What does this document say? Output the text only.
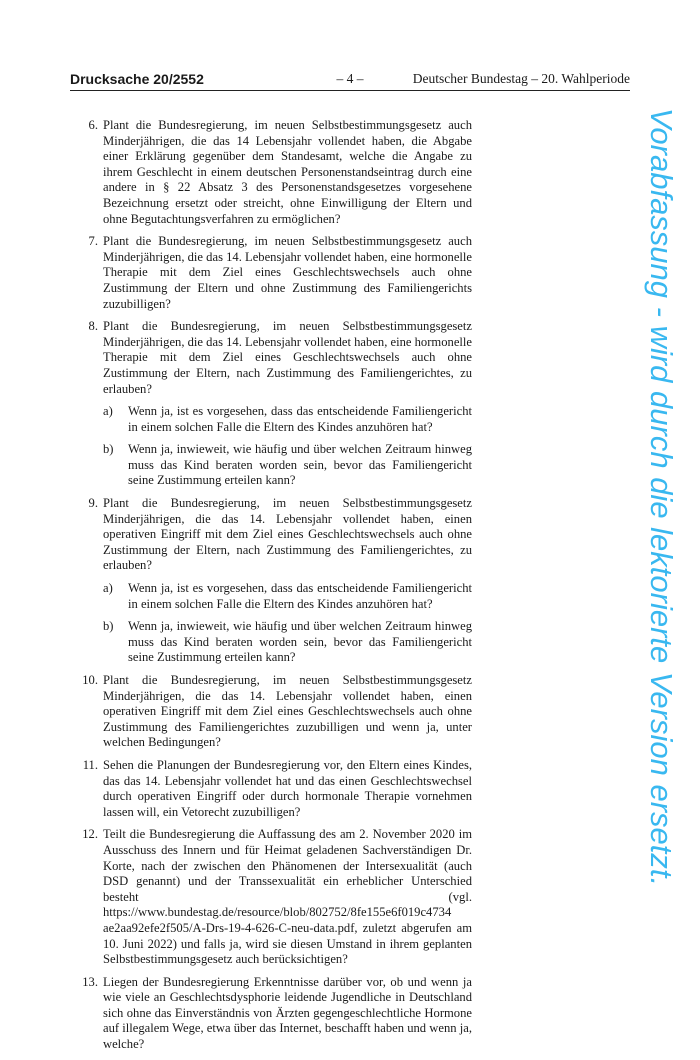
Drucksache 20/2552	– 4 –	Deutscher Bundestag – 20. Wahlperiode
6. Plant die Bundesregierung, im neuen Selbstbestimmungsgesetz auch Minderjährigen, die das 14 Lebensjahr vollendet haben, die Abgabe einer Erklärung gegenüber dem Standesamt, welche die Angabe zu ihrem Geschlecht in einem deutschen Personenstandseintrag durch eine andere in § 22 Absatz 3 des Personenstandsgesetzes vorgesehene Bezeichnung ersetzt oder streicht, ohne Einwilligung der Eltern und ohne Begutachtungsverfahren zu ermöglichen?
7. Plant die Bundesregierung, im neuen Selbstbestimmungsgesetz auch Minderjährigen, die das 14. Lebensjahr vollendet haben, eine hormonelle Therapie mit dem Ziel eines Geschlechtswechsels auch ohne Zustimmung der Eltern und ohne Zustimmung des Familiengerichts zuzubilligen?
8. Plant die Bundesregierung, im neuen Selbstbestimmungsgesetz Minderjährigen, die das 14. Lebensjahr vollendet haben, eine hormonelle Therapie mit dem Ziel eines Geschlechtswechsels auch ohne Zustimmung der Eltern, nach Zustimmung des Familiengerichtes, zu erlauben?
a) Wenn ja, ist es vorgesehen, dass das entscheidende Familiengericht in einem solchen Falle die Eltern des Kindes anzuhören hat?
b) Wenn ja, inwieweit, wie häufig und über welchen Zeitraum hinweg muss das Kind beraten worden sein, bevor das Familiengericht seine Zustimmung erteilen kann?
9. Plant die Bundesregierung, im neuen Selbstbestimmungsgesetz Minderjährigen, die das 14. Lebensjahr vollendet haben, einen operativen Eingriff mit dem Ziel eines Geschlechtswechsels auch ohne Zustimmung der Eltern, nach Zustimmung des Familiengerichtes, zu erlauben?
a) Wenn ja, ist es vorgesehen, dass das entscheidende Familiengericht in einem solchen Falle die Eltern des Kindes anzuhören hat?
b) Wenn ja, inwieweit, wie häufig und über welchen Zeitraum hinweg muss das Kind beraten worden sein, bevor das Familiengericht seine Zustimmung erteilen kann?
10. Plant die Bundesregierung, im neuen Selbstbestimmungsgesetz Minderjährigen, die das 14. Lebensjahr vollendet haben, einen operativen Eingriff mit dem Ziel eines Geschlechtswechsels auch ohne Zustimmung des Familiengerichtes zuzubilligen und wenn ja, unter welchen Bedingungen?
11. Sehen die Planungen der Bundesregierung vor, den Eltern eines Kindes, das das 14. Lebensjahr vollendet hat und das einen Geschlechtswechsel durch operativen Eingriff oder durch hormonale Therapie vornehmen lassen will, ein Vetorecht zuzubilligen?
12. Teilt die Bundesregierung die Auffassung des am 2. November 2020 im Ausschuss des Innern und für Heimat geladenen Sachverständigen Dr. Korte, nach der zwischen den Phänomenen der Intersexualität (auch DSD genannt) und der Transsexualität ein erheblicher Unterschied besteht (vgl. https://www.bundestag.de/resource/blob/802752/8fe155e6f019c4734 ae2aa92efe2f505/A-Drs-19-4-626-C-neu-data.pdf, zuletzt abgerufen am 10. Juni 2022) und falls ja, wird sie diesen Umstand in ihrem geplanten Selbstbestimmungsgesetz auch berücksichtigen?
13. Liegen der Bundesregierung Erkenntnisse darüber vor, ob und wenn ja wie viele an Geschlechtsdysphorie leidende Jugendliche in Deutschland sich ohne das Einverständnis von Ärzten gegengeschlechtliche Hormone auf illegalem Wege, etwa über das Internet, beschafft haben und wenn ja, welche?
Vorabfassung - wird durch die lektorierte Version ersetzt.
